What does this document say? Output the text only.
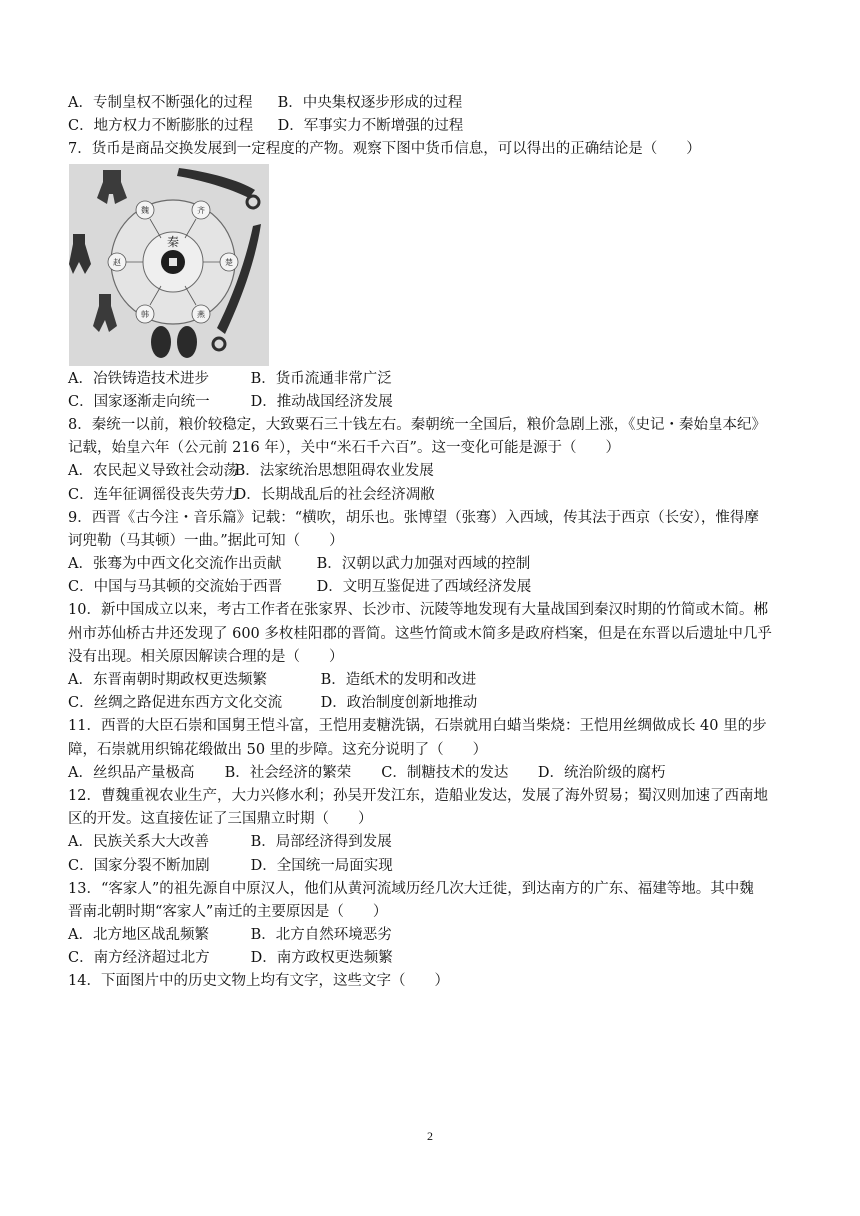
A．专制皇权不断强化的过程 B．中央集权逐步形成的过程
C．地方权力不断膨胀的过程 D．军事实力不断增强的过程
7．货币是商品交换发展到一定程度的产物。观察下图中货币信息，可以得出的正确结论是（　　）
秦
齐
楚
燕
韩
赵
魏
A．冶铁铸造技术进步	B．货币流通非常广泛
C．国家逐渐走向统一	D．推动战国经济发展
8．秦统一以前，粮价较稳定，大致粟石三十钱左右。秦朝统一全国后，粮价急剧上涨，《史记・秦始皇本纪》
记载，始皇六年（公元前 216 年），关中“米石千六百”。这一变化可能是源于（　　）
A．农民起义导致社会动荡 B．法家统治思想阻碍农业发展
C．连年征调徭役丧失劳力 D．长期战乱后的社会经济凋敝
9．西晋《古今注・音乐篇》记载：“横吹，胡乐也。张博望（张骞）入西域，传其法于西京（长安），惟得摩
诃兜勒（马其顿）一曲。”据此可知（　　）
A．张骞为中西文化交流作出贡献 B．汉朝以武力加强对西域的控制
C．中国与马其顿的交流始于西晋 D．文明互鉴促进了西域经济发展
10．新中国成立以来，考古工作者在张家界、长沙市、沅陵等地发现有大量战国到秦汉时期的竹简或木简。郴
州市苏仙桥古井还发现了 600 多枚桂阳郡的晋简。这些竹简或木简多是政府档案，但是在东晋以后遗址中几乎
没有出现。相关原因解读合理的是（　　）
A．东晋南朝时期政权更迭频繁	B．造纸术的发明和改进
C．丝绸之路促进东西方文化交流	D．政治制度创新地推动
11．西晋的大臣石崇和国舅王恺斗富，王恺用麦糖洗锅，石崇就用白蜡当柴烧：王恺用丝绸做成长 40 里的步
障，石崇就用织锦花缎做出 50 里的步障。这充分说明了（　　）
A．丝织品产量极高 B．社会经济的繁荣 C．制糖技术的发达 D．统治阶级的腐朽
12．曹魏重视农业生产，大力兴修水利；孙吴开发江东，造船业发达，发展了海外贸易；蜀汉则加速了西南地
区的开发。这直接佐证了三国鼎立时期（　　）
A．民族关系大大改善	B．局部经济得到发展
C．国家分裂不断加剧	D．全国统一局面实现
13．“客家人”的祖先源自中原汉人，他们从黄河流域历经几次大迁徙，到达南方的广东、福建等地。其中魏
晋南北朝时期“客家人”南迁的主要原因是（　　）
A．北方地区战乱频繁	B．北方自然环境恶劣
C．南方经济超过北方	D．南方政权更迭频繁
14．下面图片中的历史文物上均有文字，这些文字（　　）
2
